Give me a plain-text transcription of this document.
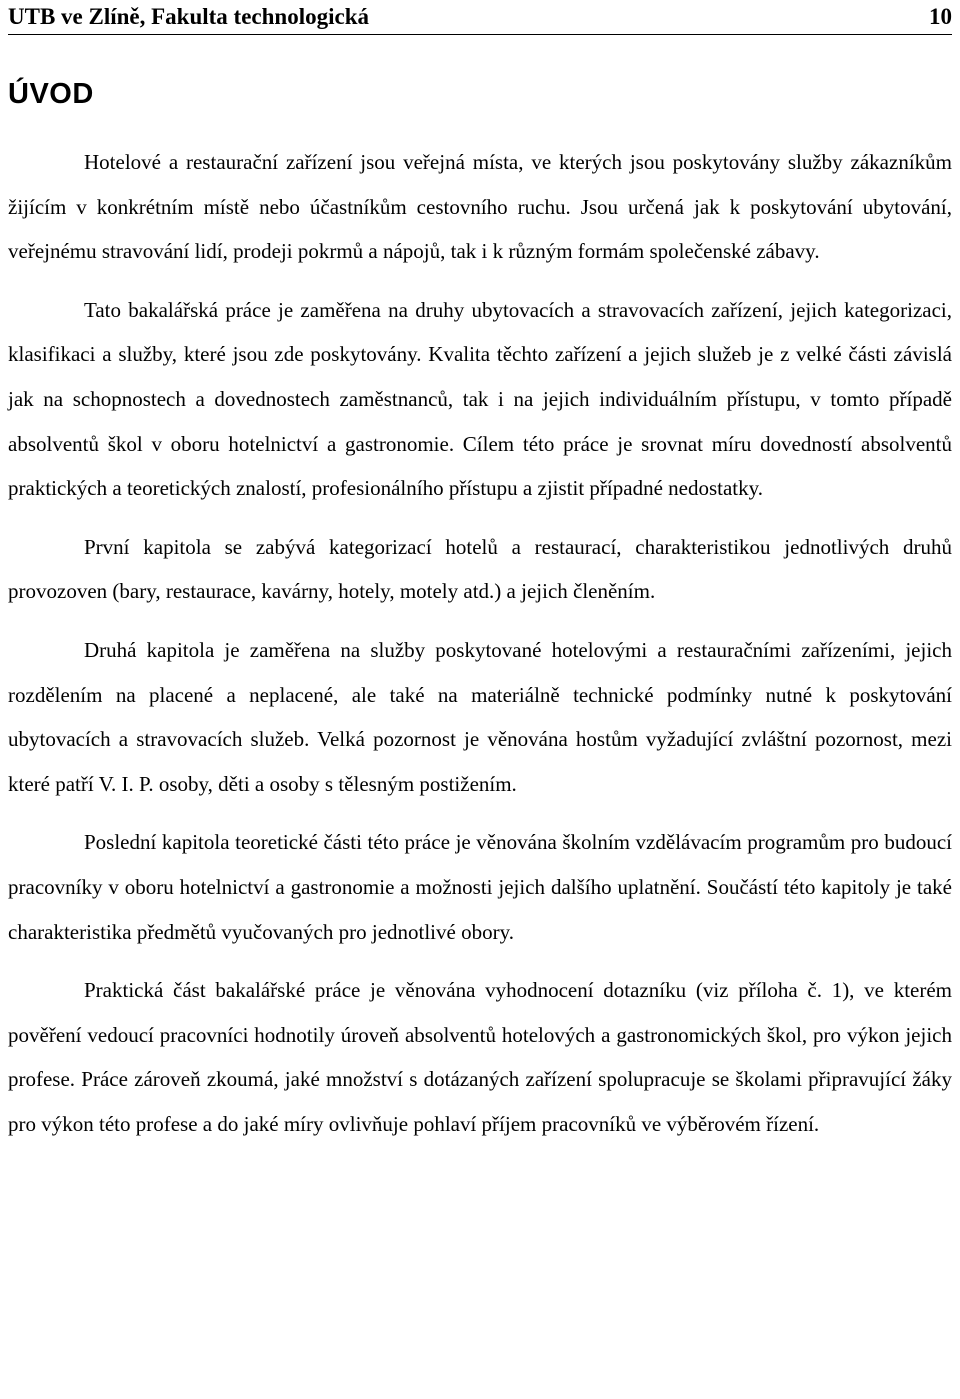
UTB ve Zlíně, Fakulta technologická	10
ÚVOD

Hotelové a restaurační zařízení jsou veřejná místa, ve kterých jsou poskytovány služby zákazníkům žijícím v konkrétním místě nebo účastníkům cestovního ruchu. Jsou určená jak k poskytování ubytování, veřejnému stravování lidí, prodeji pokrmů a nápojů, tak i k různým formám společenské zábavy.

Tato bakalářská práce je zaměřena na druhy ubytovacích a stravovacích zařízení, jejich kategorizaci, klasifikaci a služby, které jsou zde poskytovány. Kvalita těchto zařízení a jejich služeb je z velké části závislá jak na schopnostech a dovednostech zaměstnanců, tak i na jejich individuálním přístupu, v tomto případě absolventů škol v oboru hotelnictví a gastronomie. Cílem této práce je srovnat míru dovedností absolventů praktických a teoretických znalostí, profesionálního přístupu a zjistit případné nedostatky.

První kapitola se zabývá kategorizací hotelů a restaurací, charakteristikou jednotlivých druhů provozoven (bary, restaurace, kavárny, hotely, motely atd.) a jejich členěním.

Druhá kapitola je zaměřena na služby poskytované hotelovými a restauračními zařízeními, jejich rozdělením na placené a neplacené, ale také na materiálně technické podmínky nutné k poskytování ubytovacích a stravovacích služeb. Velká pozornost je věnována hostům vyžadující zvláštní pozornost, mezi které patří V. I. P. osoby, děti a osoby s tělesným postižením.

Poslední kapitola teoretické části této práce je věnována školním vzdělávacím programům pro budoucí pracovníky v oboru hotelnictví a gastronomie a možnosti jejich dalšího uplatnění. Součástí této kapitoly je také charakteristika předmětů vyučovaných pro jednotlivé obory.

Praktická část bakalářské práce je věnována vyhodnocení dotazníku (viz příloha č. 1), ve kterém pověření vedoucí pracovníci hodnotily úroveň absolventů hotelových a gastronomických škol, pro výkon jejich profese. Práce zároveň zkoumá, jaké množství s dotázaných zařízení spolupracuje se školami připravující žáky pro výkon této profese a do jaké míry ovlivňuje pohlaví příjem pracovníků ve výběrovém řízení.
